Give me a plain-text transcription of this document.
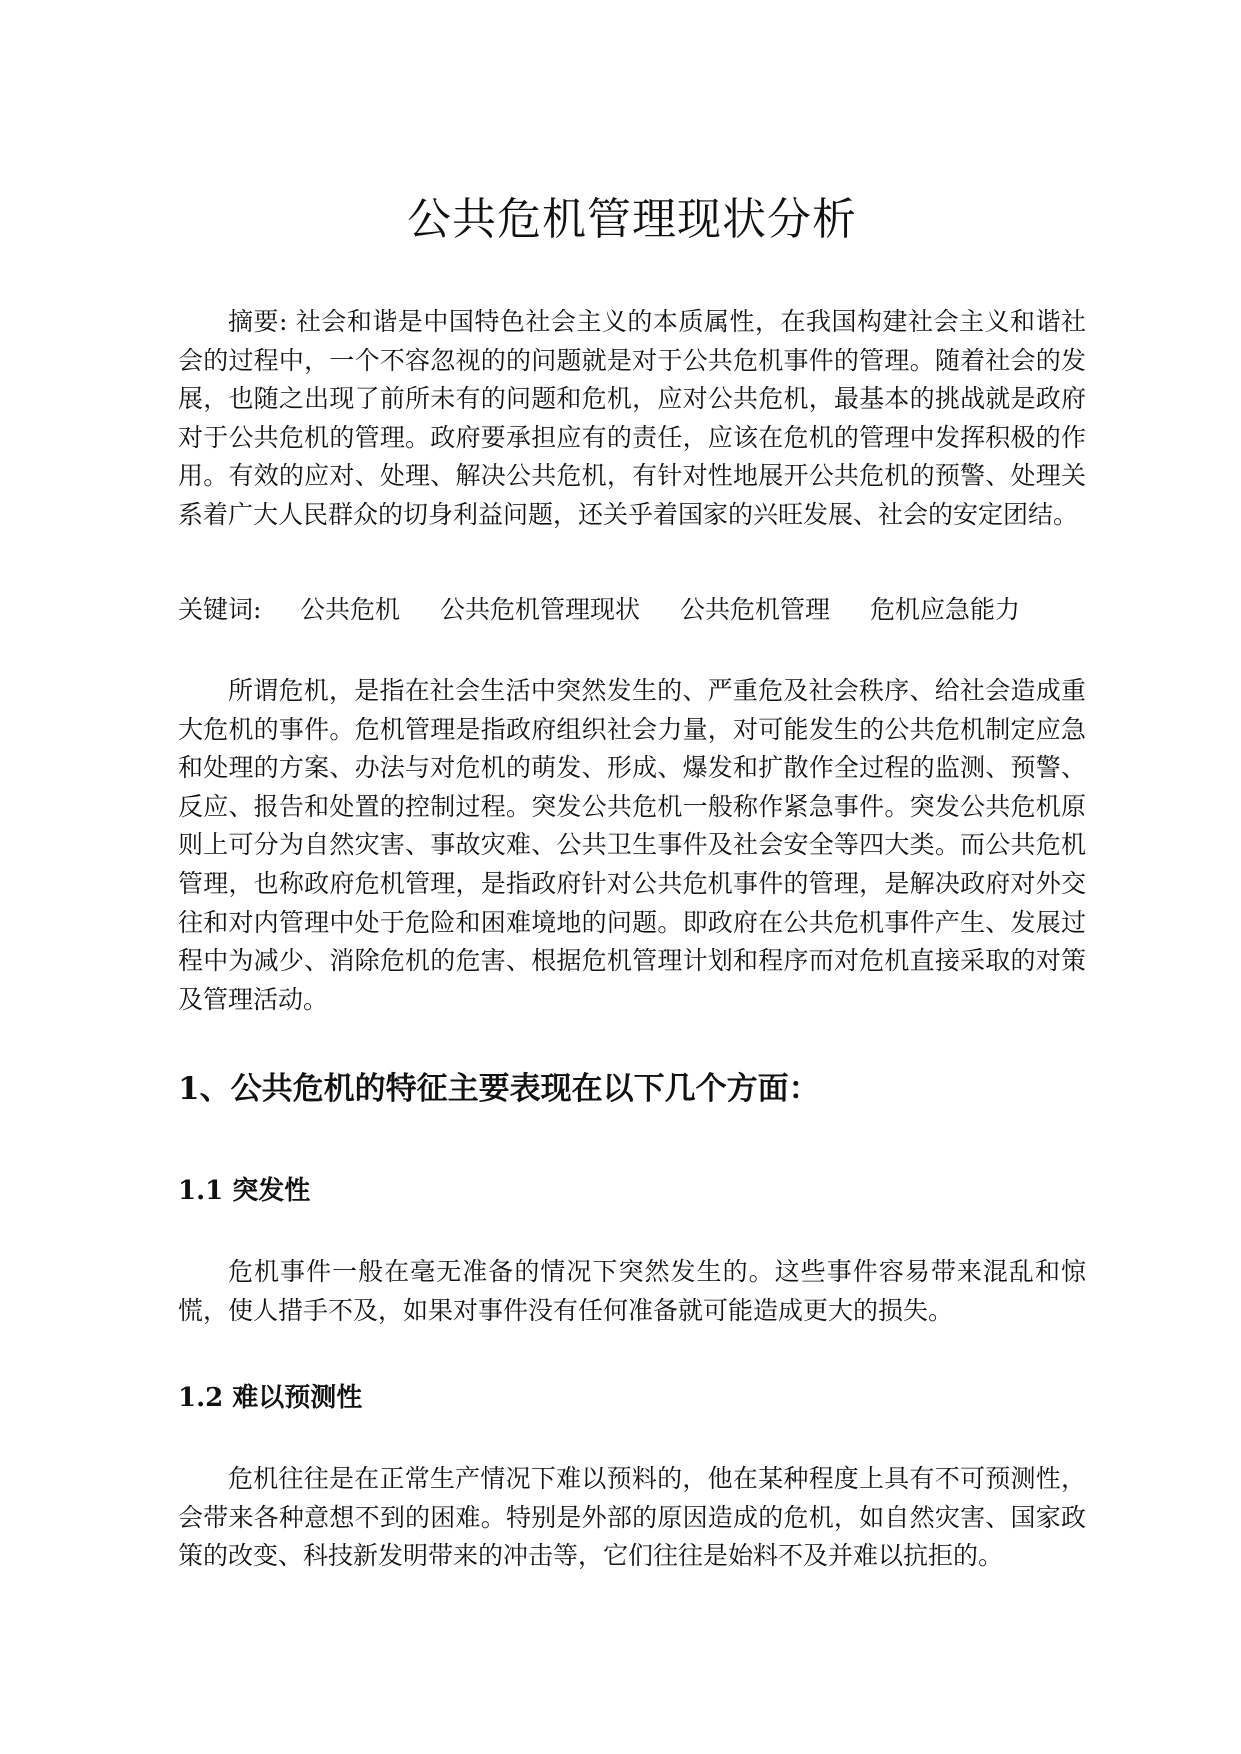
公共危机管理现状分析

摘要: 社会和谐是中国特色社会主义的本质属性，在我国构建社会主义和谐社会的过程中，一个不容忽视的的问题就是对于公共危机事件的管理。随着社会的发展，也随之出现了前所未有的问题和危机，应对公共危机，最基本的挑战就是政府对于公共危机的管理。政府要承担应有的责任，应该在危机的管理中发挥积极的作用。有效的应对、处理、解决公共危机，有针对性地展开公共危机的预警、处理关系着广大人民群众的切身利益问题，还关乎着国家的兴旺发展、社会的安定团结。

关键词: 公共危机 公共危机管理现状 公共危机管理 危机应急能力

所谓危机，是指在社会生活中突然发生的、严重危及社会秩序、给社会造成重大危机的事件。危机管理是指政府组织社会力量，对可能发生的公共危机制定应急和处理的方案、办法与对危机的萌发、形成、爆发和扩散作全过程的监测、预警、反应、报告和处置的控制过程。突发公共危机一般称作紧急事件。突发公共危机原则上可分为自然灾害、事故灾难、公共卫生事件及社会安全等四大类。而公共危机管理，也称政府危机管理，是指政府针对公共危机事件的管理，是解决政府对外交往和对内管理中处于危险和困难境地的问题。即政府在公共危机事件产生、发展过程中为减少、消除危机的危害、根据危机管理计划和程序而对危机直接采取的对策及管理活动。

1、公共危机的特征主要表现在以下几个方面：
1.1 突发性

危机事件一般在毫无准备的情况下突然发生的。这些事件容易带来混乱和惊慌，使人措手不及，如果对事件没有任何准备就可能造成更大的损失。

1.2 难以预测性

危机往往是在正常生产情况下难以预料的，他在某种程度上具有不可预测性，会带来各种意想不到的困难。特别是外部的原因造成的危机，如自然灾害、国家政策的改变、科技新发明带来的冲击等，它们往往是始料不及并难以抗拒的。
